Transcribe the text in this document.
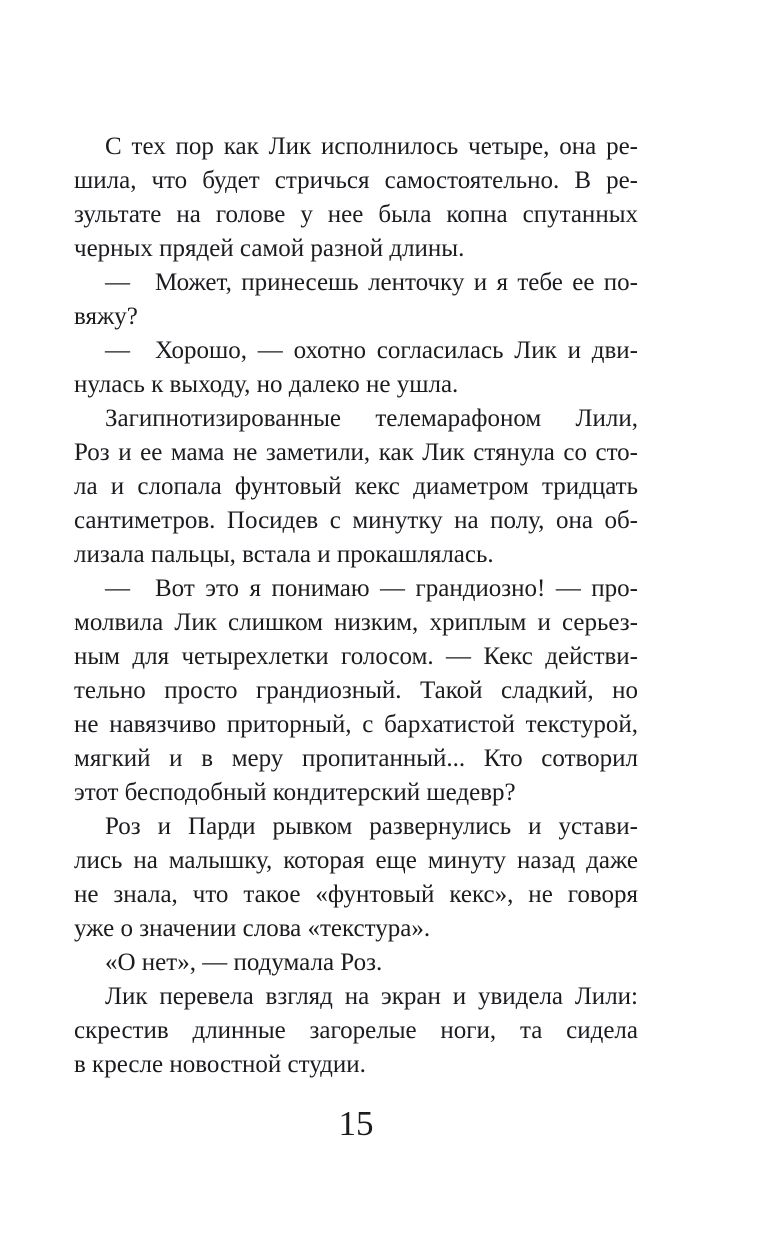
С тех пор как Лик исполнилось четыре, она ре-
шила, что будет стричься самостоятельно. В ре-
зультате на голове у нее была копна спутанных
черных прядей самой разной длины.

— Может, принесешь ленточку и я тебе ее по-
вяжу?

— Хорошо, — охотно согласилась Лик и дви-
нулась к выходу, но далеко не ушла.

Загипнотизированные телемарафоном Лили,
Роз и ее мама не заметили, как Лик стянула со сто-
ла и слопала фунтовый кекс диаметром тридцать
сантиметров. Посидев с минутку на полу, она об-
лизала пальцы, встала и прокашлялась.

— Вот это я понимаю — грандиозно! — про-
молвила Лик слишком низким, хриплым и серьез-
ным для четырехлетки голосом. — Кекс действи-
тельно просто грандиозный. Такой сладкий, но
не навязчиво приторный, с бархатистой текстурой,
мягкий и в меру пропитанный... Кто сотворил
этот бесподобный кондитерский шедевр?

Роз и Парди рывком развернулись и устави-
лись на малышку, которая еще минуту назад даже
не знала, что такое «фунтовый кекс», не говоря
уже о значении слова «текстура».

«О нет», — подумала Роз.

Лик перевела взгляд на экран и увидела Лили:
скрестив длинные загорелые ноги, та сидела
в кресле новостной студии.

15
